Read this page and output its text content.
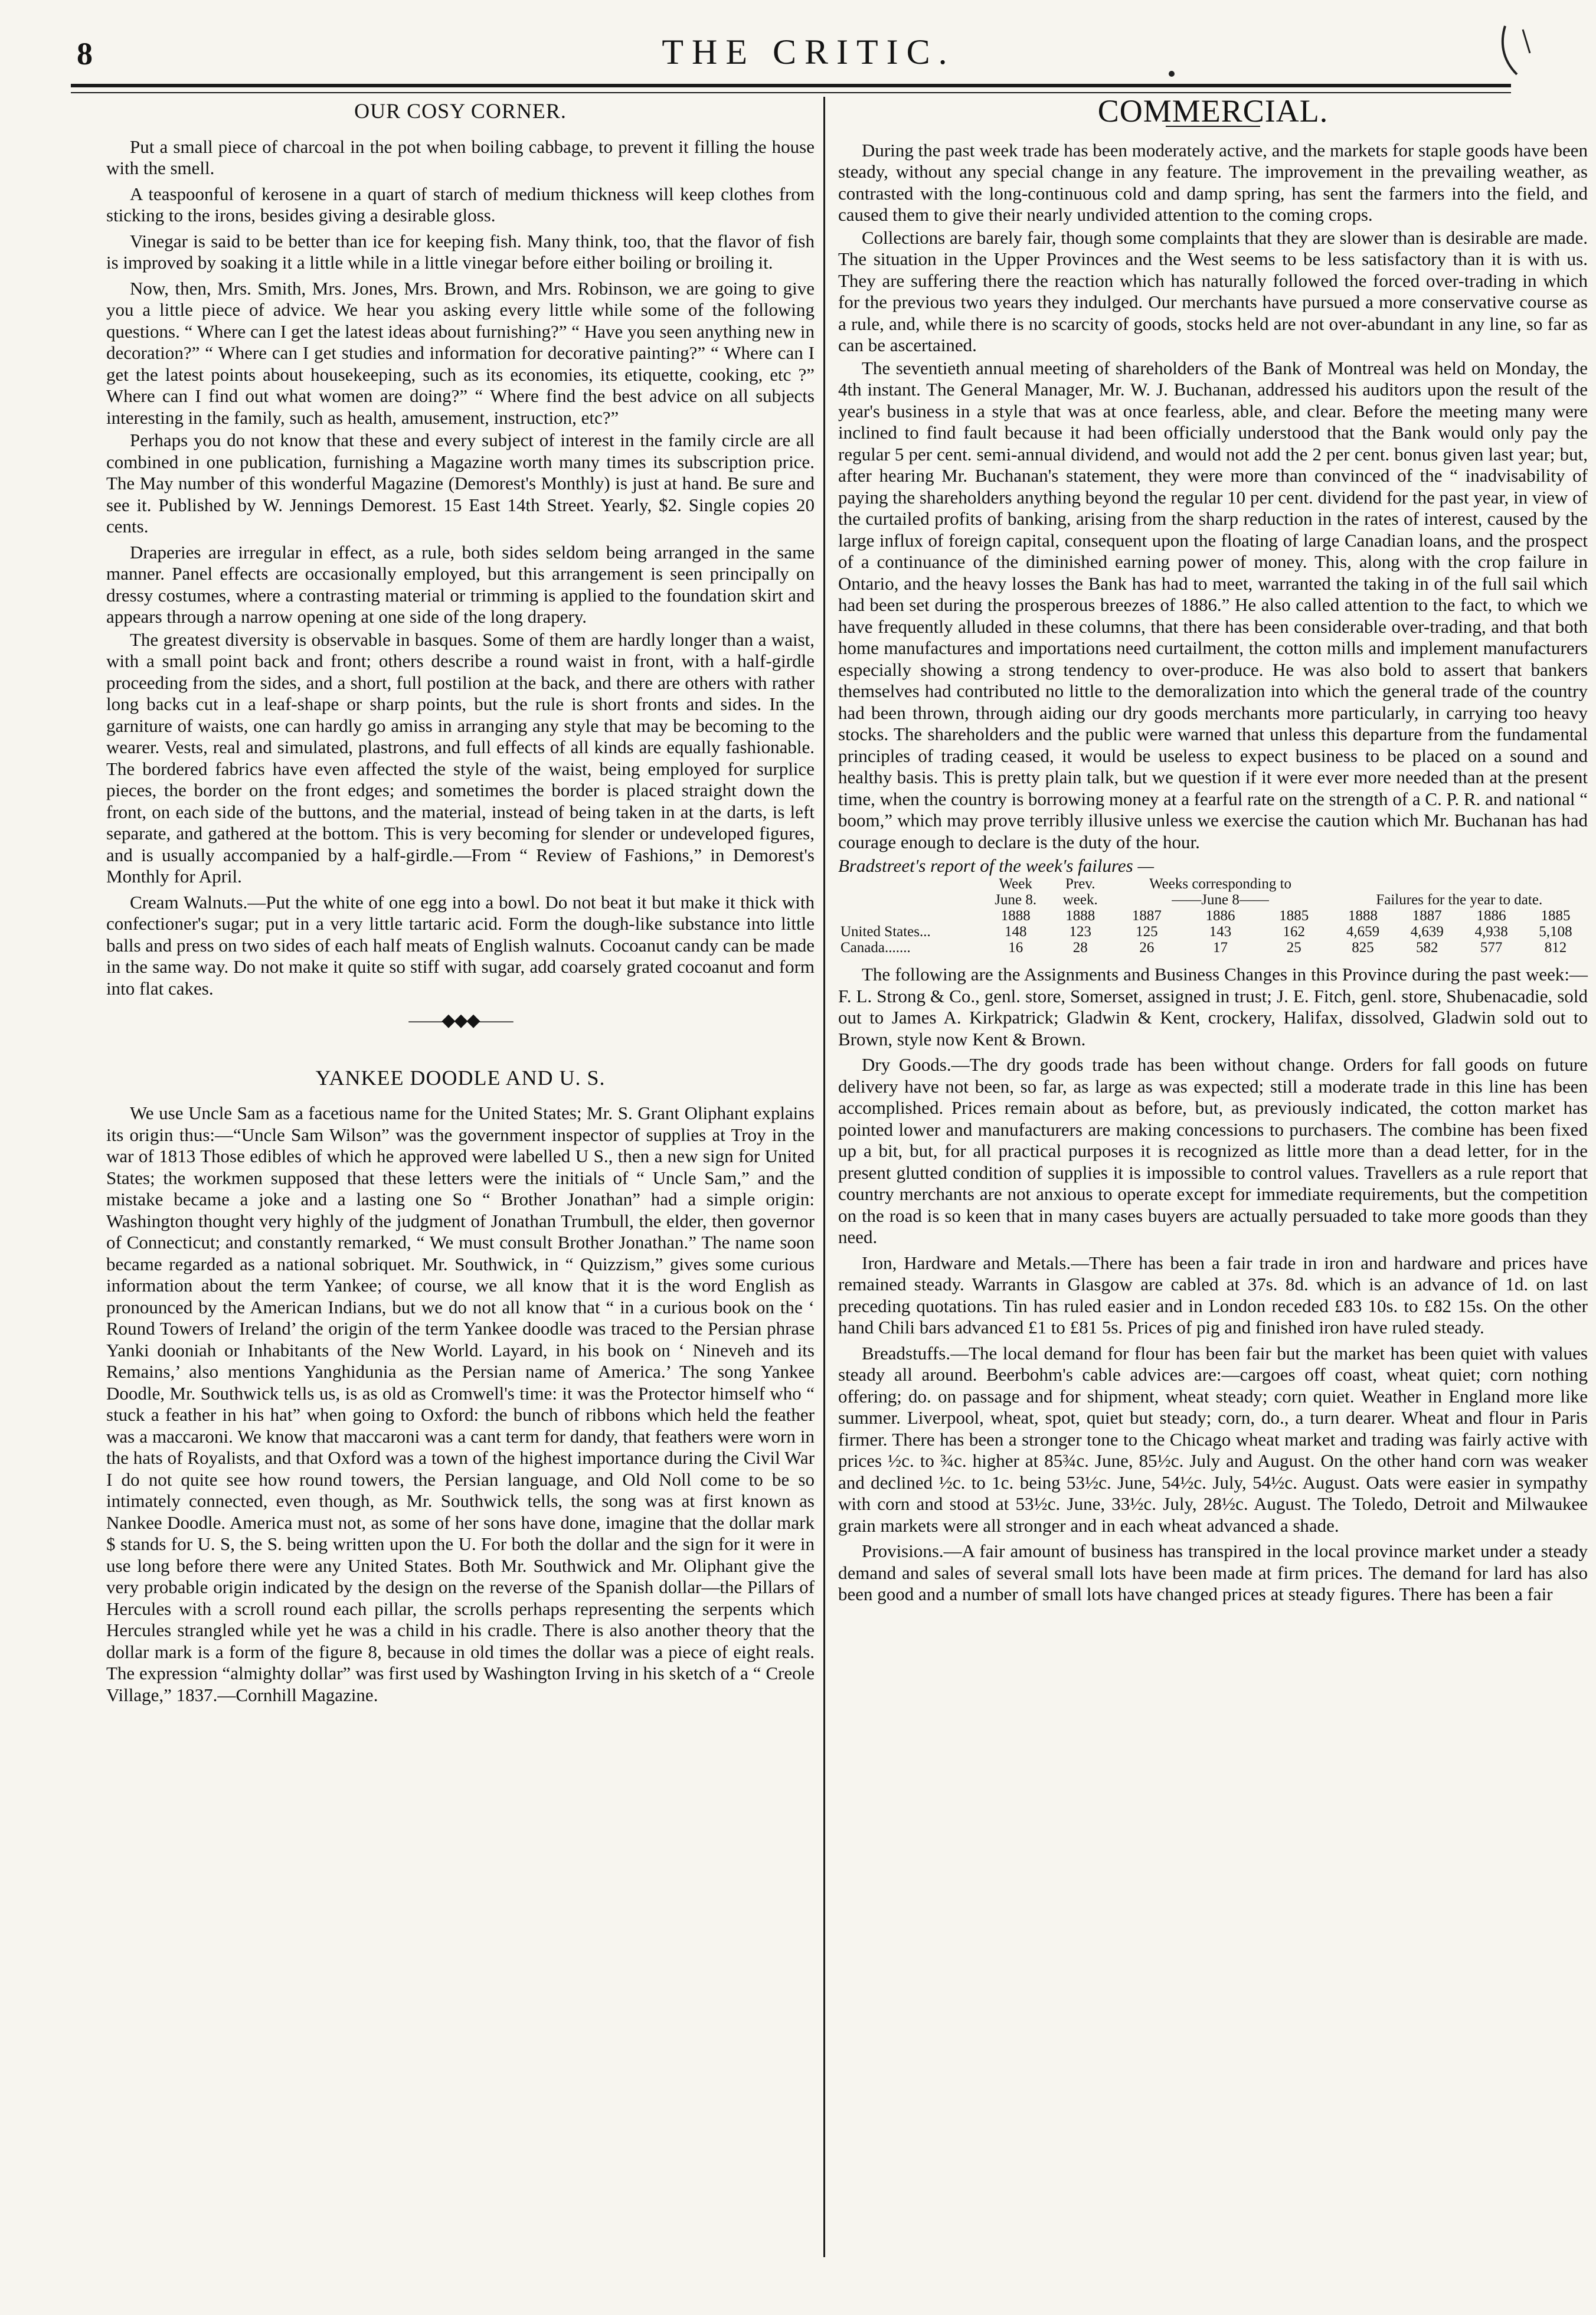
8	THE CRITIC.
OUR COSY CORNER.

Put a small piece of charcoal in the pot when boiling cabbage, to prevent it filling the house with the smell.

A teaspoonful of kerosene in a quart of starch of medium thickness will keep clothes from sticking to the irons, besides giving a desirable gloss.

Vinegar is said to be better than ice for keeping fish. Many think, too, that the flavor of fish is improved by soaking it a little while in a little vinegar before either boiling or broiling it.

Now, then, Mrs. Smith, Mrs. Jones, Mrs. Brown, and Mrs. Robinson, we are going to give you a little piece of advice. We hear you asking every little while some of the following questions. “ Where can I get the latest ideas about furnishing?” “ Have you seen anything new in decoration?” “ Where can I get studies and information for decorative painting?” “ Where can I get the latest points about housekeeping, such as its economies, its etiquette, cooking, etc ?” Where can I find out what women are doing?” “ Where find the best advice on all subjects interesting in the family, such as health, amusement, instruction, etc?”

Perhaps you do not know that these and every subject of interest in the family circle are all combined in one publication, furnishing a Magazine worth many times its subscription price. The May number of this wonderful Magazine (Demorest's Monthly) is just at hand. Be sure and see it. Published by W. Jennings Demorest. 15 East 14th Street. Yearly, $2. Single copies 20 cents.

Draperies are irregular in effect, as a rule, both sides seldom being arranged in the same manner. Panel effects are occasionally employed, but this arrangement is seen principally on dressy costumes, where a contrasting material or trimming is applied to the foundation skirt and appears through a narrow opening at one side of the long drapery.

The greatest diversity is observable in basques. Some of them are hardly longer than a waist, with a small point back and front; others describe a round waist in front, with a half-girdle proceeding from the sides, and a short, full postilion at the back, and there are others with rather long backs cut in a leaf-shape or sharp points, but the rule is short fronts and sides. In the garniture of waists, one can hardly go amiss in arranging any style that may be becoming to the wearer. Vests, real and simulated, plastrons, and full effects of all kinds are equally fashionable. The bordered fabrics have even affected the style of the waist, being employed for surplice pieces, the border on the front edges; and sometimes the border is placed straight down the front, on each side of the buttons, and the material, instead of being taken in at the darts, is left separate, and gathered at the bottom. This is very becoming for slender or undeveloped figures, and is usually accompanied by a half-girdle.—From “ Review of Fashions,” in Demorest's Monthly for April.

Cream Walnuts.—Put the white of one egg into a bowl. Do not beat it but make it thick with confectioner's sugar; put in a very little tartaric acid. Form the dough-like substance into little balls and press on two sides of each half meats of English walnuts. Cocoanut candy can be made in the same way. Do not make it quite so stiff with sugar, add coarsely grated cocoanut and form into flat cakes.

——◆◆◆——
YANKEE DOODLE AND U. S.

We use Uncle Sam as a facetious name for the United States; Mr. S. Grant Oliphant explains its origin thus:—“Uncle Sam Wilson” was the government inspector of supplies at Troy in the war of 1813 Those edibles of which he approved were labelled U S., then a new sign for United States; the workmen supposed that these letters were the initials of “ Uncle Sam,” and the mistake became a joke and a lasting one So “ Brother Jonathan” had a simple origin: Washington thought very highly of the judgment of Jonathan Trumbull, the elder, then governor of Connecticut; and constantly remarked, “ We must consult Brother Jonathan.” The name soon became regarded as a national sobriquet. Mr. Southwick, in “ Quizzism,” gives some curious information about the term Yankee; of course, we all know that it is the word English as pronounced by the American Indians, but we do not all know that “ in a curious book on the ‘ Round Towers of Ireland’ the origin of the term Yankee doodle was traced to the Persian phrase Yanki dooniah or Inhabitants of the New World. Layard, in his book on ‘ Nineveh and its Remains,’ also mentions Yanghidunia as the Persian name of America.’ The song Yankee Doodle, Mr. Southwick tells us, is as old as Cromwell's time: it was the Protector himself who “ stuck a feather in his hat” when going to Oxford: the bunch of ribbons which held the feather was a maccaroni. We know that maccaroni was a cant term for dandy, that feathers were worn in the hats of Royalists, and that Oxford was a town of the highest importance during the Civil War I do not quite see how round towers, the Persian language, and Old Noll come to be so intimately connected, even though, as Mr. Southwick tells, the song was at first known as Nankee Doodle. America must not, as some of her sons have done, imagine that the dollar mark $ stands for U. S, the S. being written upon the U. For both the dollar and the sign for it were in use long before there were any United States. Both Mr. Southwick and Mr. Oliphant give the very probable origin indicated by the design on the reverse of the Spanish dollar—the Pillars of Hercules with a scroll round each pillar, the scrolls perhaps representing the serpents which Hercules strangled while yet he was a child in his cradle. There is also another theory that the dollar mark is a form of the figure 8, because in old times the dollar was a piece of eight reals. The expression “almighty dollar” was first used by Washington Irving in his sketch of a “ Creole Village,” 1837.—Cornhill Magazine.

COMMERCIAL.

During the past week trade has been moderately active, and the markets for staple goods have been steady, without any special change in any feature. The improvement in the prevailing weather, as contrasted with the long-continuous cold and damp spring, has sent the farmers into the field, and caused them to give their nearly undivided attention to the coming crops.

Collections are barely fair, though some complaints that they are slower than is desirable are made. The situation in the Upper Provinces and the West seems to be less satisfactory than it is with us. They are suffering there the reaction which has naturally followed the forced over-trading in which for the previous two years they indulged. Our merchants have pursued a more conservative course as a rule, and, while there is no scarcity of goods, stocks held are not over-abundant in any line, so far as can be ascertained.

The seventieth annual meeting of shareholders of the Bank of Montreal was held on Monday, the 4th instant. The General Manager, Mr. W. J. Buchanan, addressed his auditors upon the result of the year's business in a style that was at once fearless, able, and clear. Before the meeting many were inclined to find fault because it had been officially understood that the Bank would only pay the regular 5 per cent. semi-annual dividend, and would not add the 2 per cent. bonus given last year; but, after hearing Mr. Buchanan's statement, they were more than convinced of the “ inadvisability of paying the shareholders anything beyond the regular 10 per cent. dividend for the past year, in view of the curtailed profits of banking, arising from the sharp reduction in the rates of interest, caused by the large influx of foreign capital, consequent upon the floating of large Canadian loans, and the prospect of a continuance of the diminished earning power of money. This, along with the crop failure in Ontario, and the heavy losses the Bank has had to meet, warranted the taking in of the full sail which had been set during the prosperous breezes of 1886.” He also called attention to the fact, to which we have frequently alluded in these columns, that there has been considerable over-trading, and that both home manufactures and importations need curtailment, the cotton mills and implement manufacturers especially showing a strong tendency to over-produce. He was also bold to assert that bankers themselves had contributed no little to the demoralization into which the general trade of the country had been thrown, through aiding our dry goods merchants more particularly, in carrying too heavy stocks. The shareholders and the public were warned that unless this departure from the fundamental principles of trading ceased, it would be useless to expect business to be placed on a sound and healthy basis. This is pretty plain talk, but we question if it were ever more needed than at the present time, when the country is borrowing money at a fearful rate on the strength of a C. P. R. and national “ boom,” which may prove terribly illusive unless we exercise the caution which Mr. Buchanan has had courage enough to declare is the duty of the hour.

Bradstreet's report of the week's failures —
	Week	Prev.	Weeks corresponding to						
	June 8.	week.	——June 8——			Failures for the year to date.			
	1888	1888	1887	1886	1885	1888	1887	1886	1885
United States...	148	123	125	143	162	4,659	4,639	4,938	5,108
Canada.......	16	28	26	17	25	825	582	577	812

The following are the Assignments and Business Changes in this Province during the past week:—F. L. Strong & Co., genl. store, Somerset, assigned in trust; J. E. Fitch, genl. store, Shubenacadie, sold out to James A. Kirkpatrick; Gladwin & Kent, crockery, Halifax, dissolved, Gladwin sold out to Brown, style now Kent & Brown.

Dry Goods.—The dry goods trade has been without change. Orders for fall goods on future delivery have not been, so far, as large as was expected; still a moderate trade in this line has been accomplished. Prices remain about as before, but, as previously indicated, the cotton market has pointed lower and manufacturers are making concessions to purchasers. The combine has been fixed up a bit, but, for all practical purposes it is recognized as little more than a dead letter, for in the present glutted condition of supplies it is impossible to control values. Travellers as a rule report that country merchants are not anxious to operate except for immediate requirements, but the competition on the road is so keen that in many cases buyers are actually persuaded to take more goods than they need.

Iron, Hardware and Metals.—There has been a fair trade in iron and hardware and prices have remained steady. Warrants in Glasgow are cabled at 37s. 8d. which is an advance of 1d. on last preceding quotations. Tin has ruled easier and in London receded £83 10s. to £82 15s. On the other hand Chili bars advanced £1 to £81 5s. Prices of pig and finished iron have ruled steady.

Breadstuffs.—The local demand for flour has been fair but the market has been quiet with values steady all around. Beerbohm's cable advices are:—cargoes off coast, wheat quiet; corn nothing offering; do. on passage and for shipment, wheat steady; corn quiet. Weather in England more like summer. Liverpool, wheat, spot, quiet but steady; corn, do., a turn dearer. Wheat and flour in Paris firmer. There has been a stronger tone to the Chicago wheat market and trading was fairly active with prices ½c. to ¾c. higher at 85¾c. June, 85½c. July and August. On the other hand corn was weaker and declined ½c. to 1c. being 53½c. June, 54½c. July, 54½c. August. Oats were easier in sympathy with corn and stood at 53½c. June, 33½c. July, 28½c. August. The Toledo, Detroit and Milwaukee grain markets were all stronger and in each wheat advanced a shade.

Provisions.—A fair amount of business has transpired in the local province market under a steady demand and sales of several small lots have been made at firm prices. The demand for lard has also been good and a number of small lots have changed prices at steady figures. There has been a fair
